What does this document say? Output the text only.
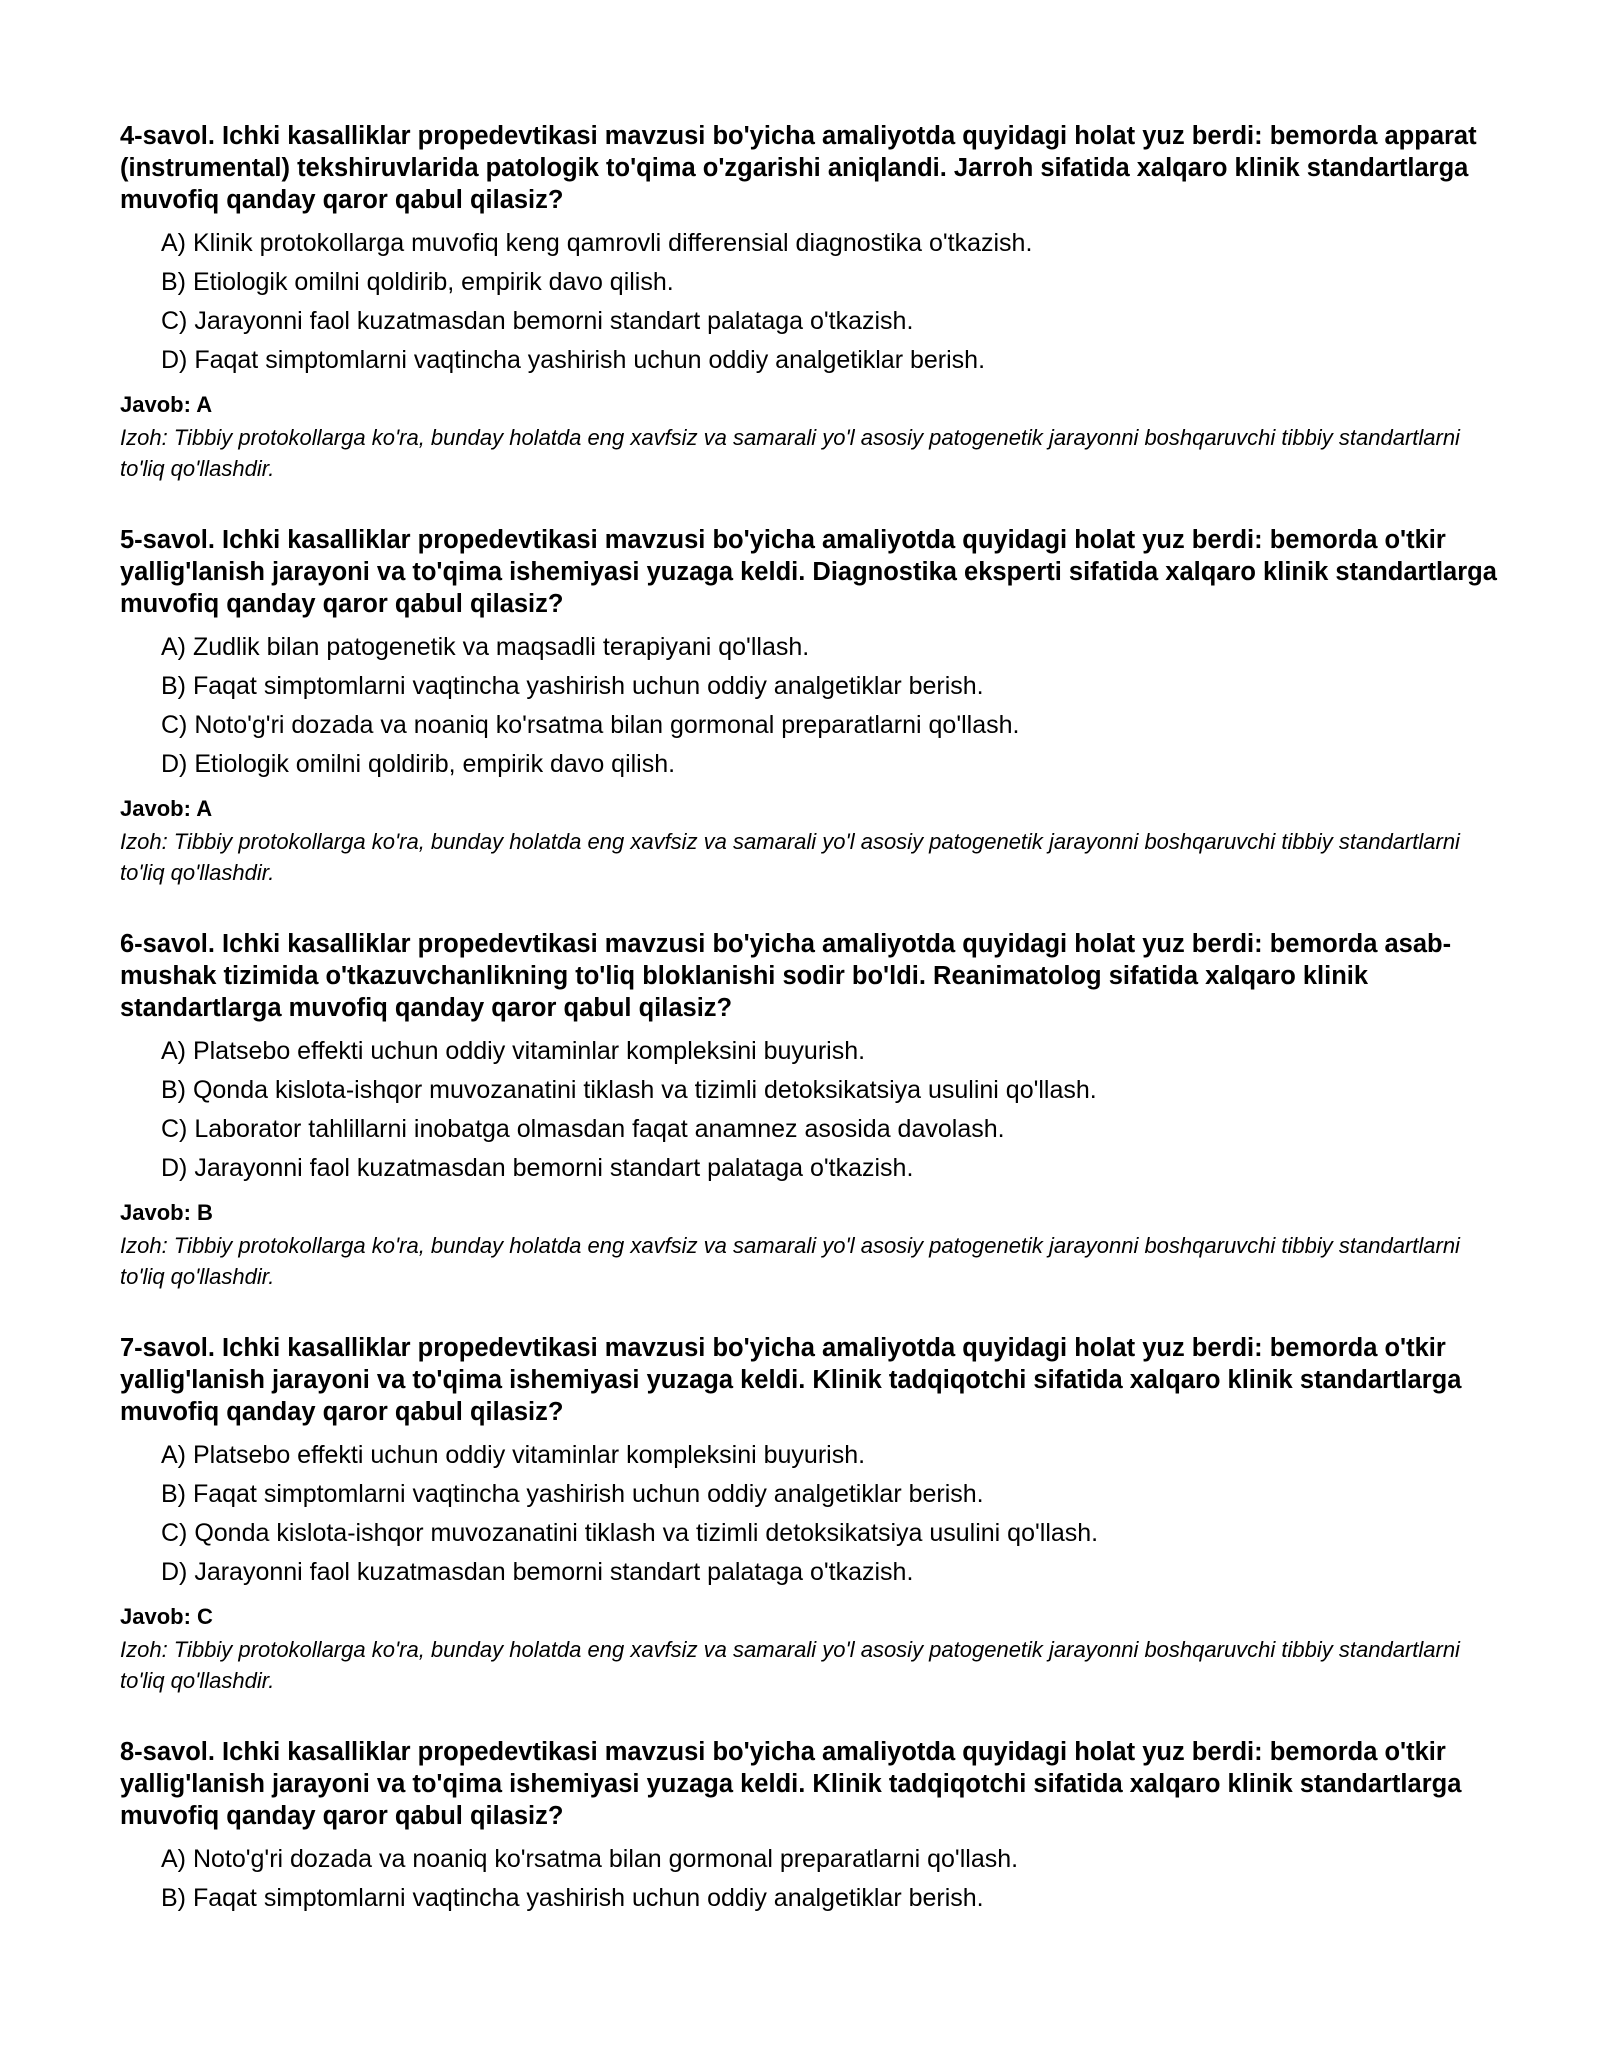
4-savol. Ichki kasalliklar propedevtikasi mavzusi bo'yicha amaliyotda quyidagi holat yuz berdi: bemorda apparat (instrumental) tekshiruvlarida patologik to'qima o'zgarishi aniqlandi. Jarroh sifatida xalqaro klinik standartlarga muvofiq qanday qaror qabul qilasiz?

A) Klinik protokollarga muvofiq keng qamrovli differensial diagnostika o'tkazish.
B) Etiologik omilni qoldirib, empirik davo qilish.
C) Jarayonni faol kuzatmasdan bemorni standart palataga o'tkazish.
D) Faqat simptomlarni vaqtincha yashirish uchun oddiy analgetiklar berish.

Javob: A

Izoh: Tibbiy protokollarga ko'ra, bunday holatda eng xavfsiz va samarali yo'l asosiy patogenetik jarayonni boshqaruvchi tibbiy standartlarni to'liq qo'llashdir.

5-savol. Ichki kasalliklar propedevtikasi mavzusi bo'yicha amaliyotda quyidagi holat yuz berdi: bemorda o'tkir yallig'lanish jarayoni va to'qima ishemiyasi yuzaga keldi. Diagnostika eksperti sifatida xalqaro klinik standartlarga muvofiq qanday qaror qabul qilasiz?

A) Zudlik bilan patogenetik va maqsadli terapiyani qo'llash.
B) Faqat simptomlarni vaqtincha yashirish uchun oddiy analgetiklar berish.
C) Noto'g'ri dozada va noaniq ko'rsatma bilan gormonal preparatlarni qo'llash.
D) Etiologik omilni qoldirib, empirik davo qilish.

Javob: A

Izoh: Tibbiy protokollarga ko'ra, bunday holatda eng xavfsiz va samarali yo'l asosiy patogenetik jarayonni boshqaruvchi tibbiy standartlarni to'liq qo'llashdir.

6-savol. Ichki kasalliklar propedevtikasi mavzusi bo'yicha amaliyotda quyidagi holat yuz berdi: bemorda asab-mushak tizimida o'tkazuvchanlikning to'liq bloklanishi sodir bo'ldi. Reanimatolog sifatida xalqaro klinik standartlarga muvofiq qanday qaror qabul qilasiz?

A) Platsebo effekti uchun oddiy vitaminlar kompleksini buyurish.
B) Qonda kislota-ishqor muvozanatini tiklash va tizimli detoksikatsiya usulini qo'llash.
C) Laborator tahlillarni inobatga olmasdan faqat anamnez asosida davolash.
D) Jarayonni faol kuzatmasdan bemorni standart palataga o'tkazish.

Javob: B

Izoh: Tibbiy protokollarga ko'ra, bunday holatda eng xavfsiz va samarali yo'l asosiy patogenetik jarayonni boshqaruvchi tibbiy standartlarni to'liq qo'llashdir.

7-savol. Ichki kasalliklar propedevtikasi mavzusi bo'yicha amaliyotda quyidagi holat yuz berdi: bemorda o'tkir yallig'lanish jarayoni va to'qima ishemiyasi yuzaga keldi. Klinik tadqiqotchi sifatida xalqaro klinik standartlarga muvofiq qanday qaror qabul qilasiz?

A) Platsebo effekti uchun oddiy vitaminlar kompleksini buyurish.
B) Faqat simptomlarni vaqtincha yashirish uchun oddiy analgetiklar berish.
C) Qonda kislota-ishqor muvozanatini tiklash va tizimli detoksikatsiya usulini qo'llash.
D) Jarayonni faol kuzatmasdan bemorni standart palataga o'tkazish.

Javob: C

Izoh: Tibbiy protokollarga ko'ra, bunday holatda eng xavfsiz va samarali yo'l asosiy patogenetik jarayonni boshqaruvchi tibbiy standartlarni to'liq qo'llashdir.

8-savol. Ichki kasalliklar propedevtikasi mavzusi bo'yicha amaliyotda quyidagi holat yuz berdi: bemorda o'tkir yallig'lanish jarayoni va to'qima ishemiyasi yuzaga keldi. Klinik tadqiqotchi sifatida xalqaro klinik standartlarga muvofiq qanday qaror qabul qilasiz?

A) Noto'g'ri dozada va noaniq ko'rsatma bilan gormonal preparatlarni qo'llash.
B) Faqat simptomlarni vaqtincha yashirish uchun oddiy analgetiklar berish.
